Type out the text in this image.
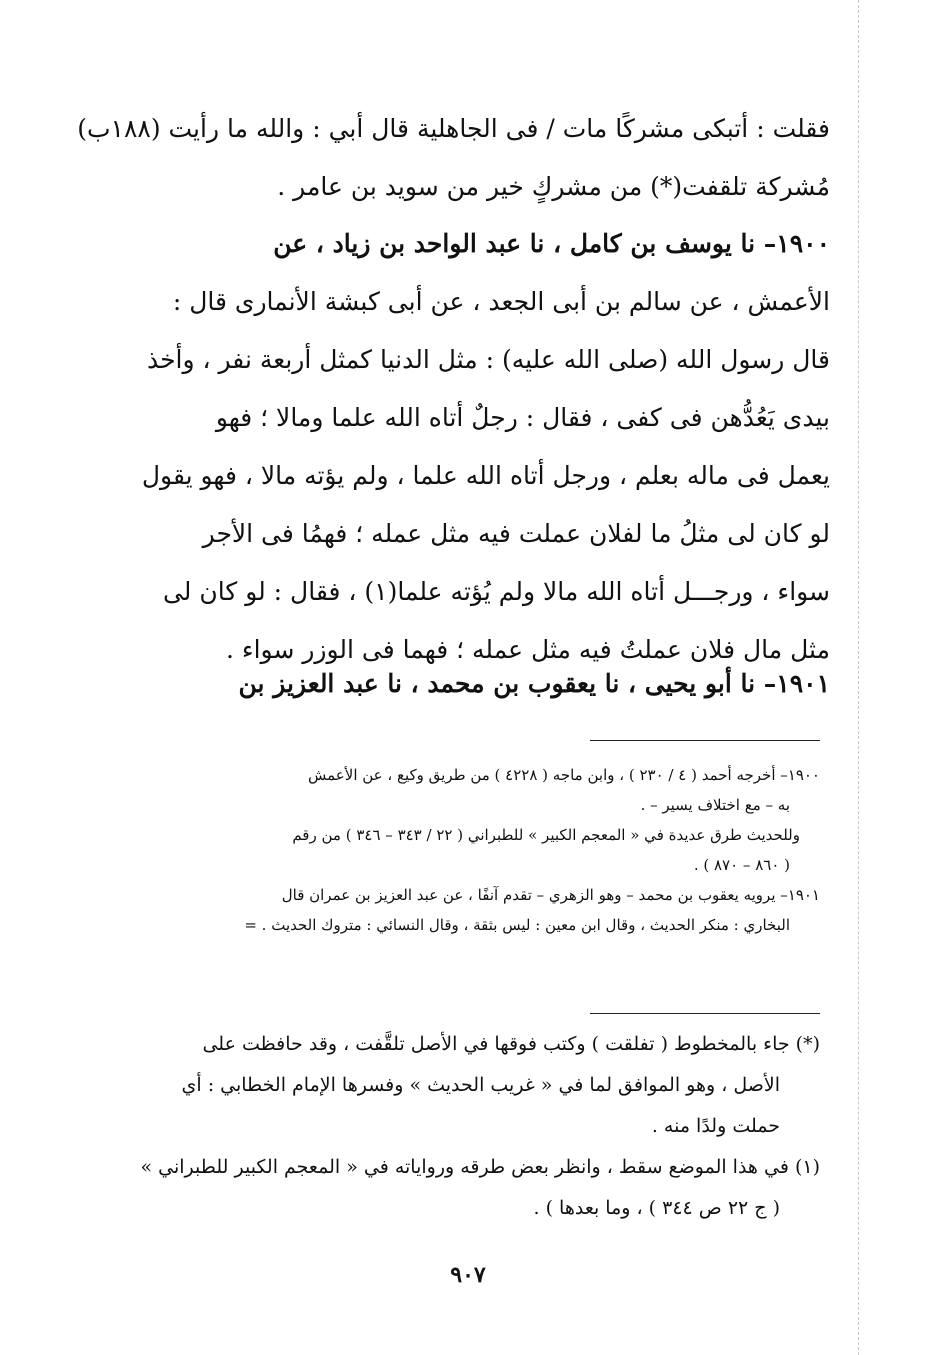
فقلت : أتبكى مشركًا مات / فى الجاهلية قال أبي : والله ما رأيت (١٨٨ب)
مُشركة تلقفت(*) من مشركٍ خير من سويد بن عامر .
١٩٠٠– نا يوسف بن كامل ، نا عبد الواحد بن زياد ، عن
الأعمش ، عن سالم بن أبى الجعد ، عن أبى كبشة الأنمارى قال :
قال رسول الله (صلى الله عليه) : مثل الدنيا كمثل أربعة نفر ، وأخذ
بيدى يَعُدُّهن فى كفى ، فقال : رجلٌ أتاه الله علما ومالا ؛ فهو
يعمل فى ماله بعلم ، ورجل أتاه الله علما ، ولم يؤته مالا ، فهو يقول
لو كان لى مثلُ ما لفلان عملت فيه مثل عمله ؛ فهمُا فى الأجر
سواء ، ورجـــل أتاه الله مالا ولم يُؤته علما(١) ، فقال : لو كان لى
مثل مال فلان عملتُ فيه مثل عمله ؛ فهما فى الوزر سواء .
١٩٠١– نا أبو يحيى ، نا يعقوب بن محمد ، نا عبد العزيز بن
١٩٠٠– أخرجه أحمد ( ٤ / ٢٣٠ ) ، وابن ماجه ( ٤٢٢٨ ) من طريق وكيع ، عن الأعمش
به – مع اختلاف يسير – .
وللحديث طرق عديدة في « المعجم الكبير » للطبراني ( ٢٢ / ٣٤٣ – ٣٤٦ ) من رقم
( ٨٦٠ – ٨٧٠ ) .
١٩٠١– يرويه يعقوب بن محمد – وهو الزهري – تقدم آنفًا ، عن عبد العزيز بن عمران قال
البخاري : منكر الحديث ، وقال ابن معين : ليس بثقة ، وقال النسائي : متروك الحديث . =
(*) جاء بالمخطوط ( تفلقت ) وكتب فوقها في الأصل تلقَّفت ، وقد حافظت على
الأصل ، وهو الموافق لما في « غريب الحديث » وفسرها الإمام الخطابي : أي
حملت ولدًا منه .
(١) في هذا الموضع سقط ، وانظر بعض طرقه ورواياته في « المعجم الكبير للطبراني »
( ج ٢٢ ص ٣٤٤ ) ، وما بعدها ) .
٩٠٧
